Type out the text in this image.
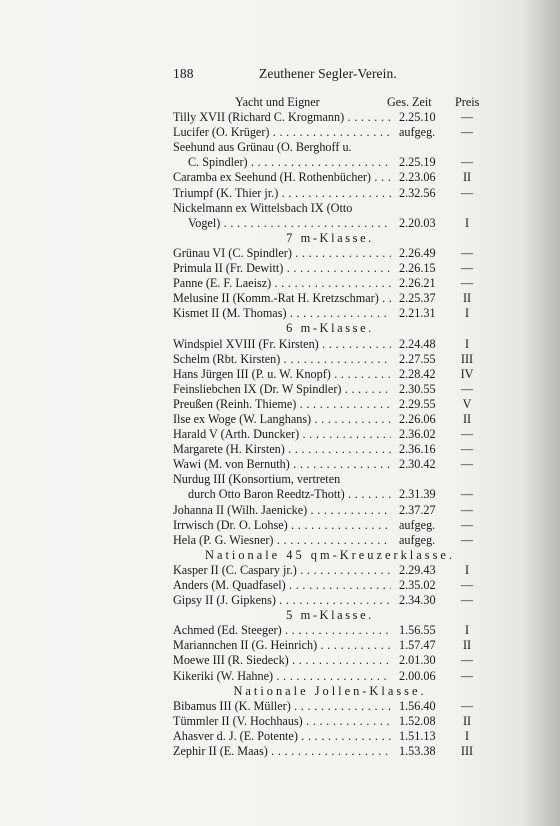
188	Zeuthener Segler-Verein.
Yacht und Eigner	Ges. Zeit Preis
Tilly XVII (Richard C. Krogmann) . . .	2.25.10 —
Lucifer (O. Krüger) . . .	aufgeg. —
Seehund aus Grünau (O. Berghoff u.
C. Spindler) . . .	2.25.19 —
Caramba ex Seehund (H. Rothenbücher) . . .	2.23.06	II
Triumpf (K. Thier jr.) . . .	2.32.56 —
Nickelmann ex Wittelsbach IX (Otto
Vogel) . . .	2.20.03	I
7 m-Klasse.
Grünau VI (C. Spindler) . . .	2.26.49 —
Primula II (Fr. Dewitt) . . .	2.26.15 —
Panne (E. F. Laeisz) . . .	2.26.21 —
Melusine II (Komm.-Rat H. Kretzschmar) . . .	2.25.37	II
Kismet II (M. Thomas) . . .	2.21.31	I
6 m-Klasse.
Windspiel XVIII (Fr. Kirsten) . . .	2.24.48	I
Schelm (Rbt. Kirsten) . . .	2.27.55 III
Hans Jürgen III (P. u. W. Knopf) . . .	2.28.42 IV
Feinsliebchen IX (Dr. W Spindler) . . .	2.30.55 —
Preußen (Reinh. Thieme) . . .	2.29.55 V
Ilse ex Woge (W. Langhans) . . .	2.26.06	II
Harald V (Arth. Duncker) . . .	2.36.02 —
Margarete (H. Kirsten) . . .	2.36.16 —
Wawi (M. von Bernuth) . . .	2.30.42 —
Nurdug III (Konsortium, vertreten
durch Otto Baron Reedtz-Thott) . . .	2.31.39 —
Johanna II (Wilh. Jaenicke) . . .	2.37.27 —
Irrwisch (Dr. O. Lohse) . . .	aufgeg. —
Hela (P. G. Wiesner) . . .	aufgeg. —
Nationale 45 qm-Kreuzerklasse.
Kasper II (C. Caspary jr.) . . .	2.29.43	I
Anders (M. Quadfasel) . . .	2.35.02 —
Gipsy II (J. Gipkens) . . .	2.34.30 —
5 m-Klasse.
Achmed (Ed. Steeger) . . .	1.56.55	I
Mariannchen II (G. Heinrich) . . .	1.57.47	II
Moewe III (R. Siedeck) . . .	2.01.30 —
Kikeriki (W. Hahne) . . .	2.00.06 —
Nationale Jollen-Klasse.
Bibamus III (K. Müller) . . .	1.56.40 —
Tümmler II (V. Hochhaus) . . .	1.52.08	II
Ahasver d. J. (E. Potente) . . .	1.51.13	I
Zephir II (E. Maas) . . .	1.53.38 III
